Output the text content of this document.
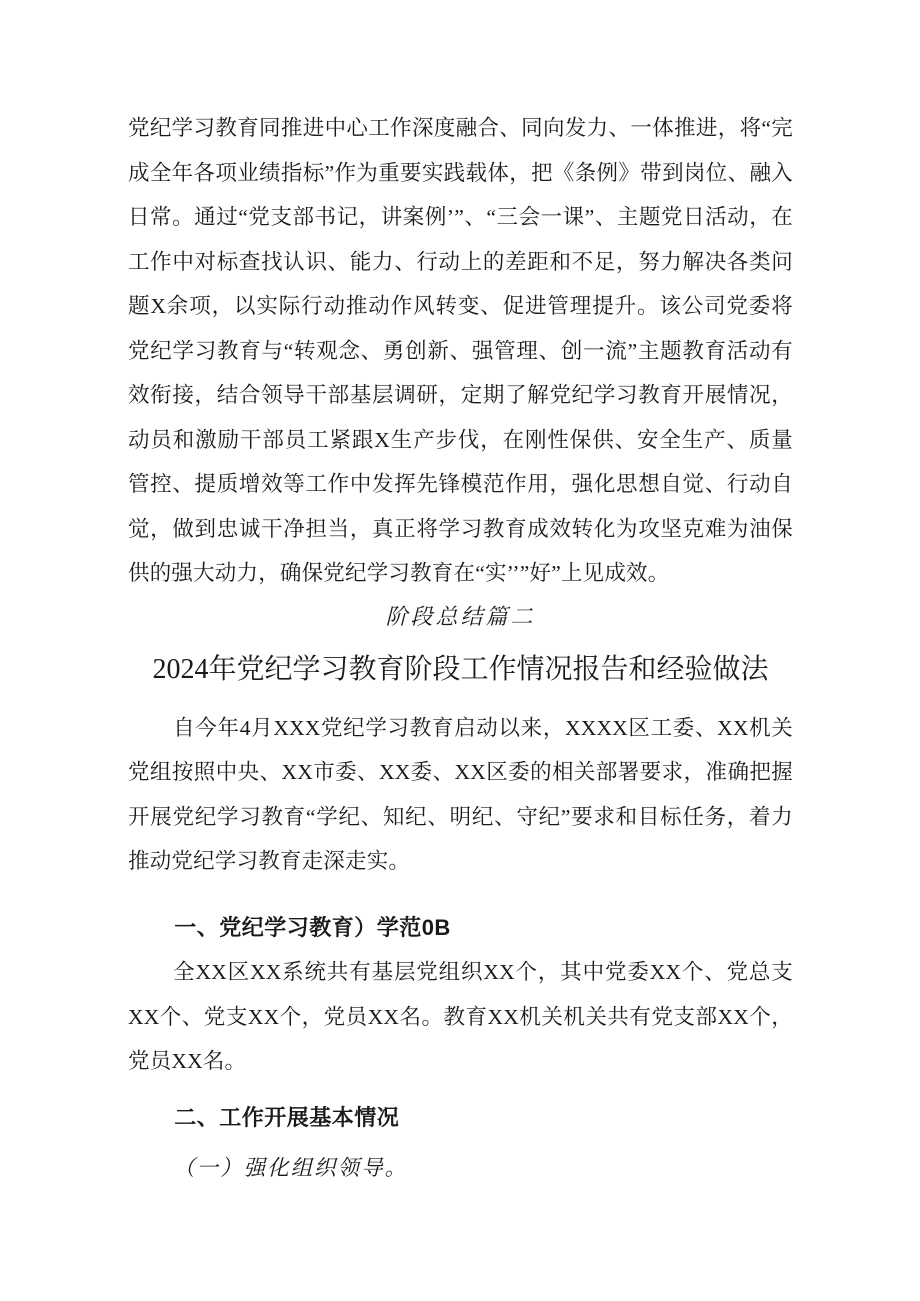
党纪学习教育同推进中心工作深度融合、同向发力、一体推进，将“完成全年各项业绩指标”作为重要实践载体，把《条例》带到岗位、融入日常。通过“党支部书记，讲案例’”、“三会一课”、主题党日活动，在工作中对标查找认识、能力、行动上的差距和不足，努力解决各类问题X余项，以实际行动推动作风转变、促进管理提升。该公司党委将党纪学习教育与“转观念、勇创新、强管理、创一流”主题教育活动有效衔接，结合领导干部基层调研，定期了解党纪学习教育开展情况，动员和激励干部员工紧跟X生产步伐，在刚性保供、安全生产、质量管控、提质增效等工作中发挥先锋模范作用，强化思想自觉、行动自觉，做到忠诚干净担当，真正将学习教育成效转化为攻坚克难为油保供的强大动力，确保党纪学习教育在“实’’”好”上见成效。

阶段总结篇二

2024年党纪学习教育阶段工作情况报告和经验做法

自今年4月XXX党纪学习教育启动以来，XXXX区工委、XX机关党组按照中央、XX市委、XX委、XX区委的相关部署要求，准确把握开展党纪学习教育“学纪、知纪、明纪、守纪”要求和目标任务，着力推动党纪学习教育走深走实。

一、党纪学习教育）学范0B

全XX区XX系统共有基层党组织XX个，其中党委XX个、党总支XX个、党支XX个，党员XX名。教育XX机关机关共有党支部XX个，党员XX名。

二、工作开展基本情况

（一）强化组织领导。
